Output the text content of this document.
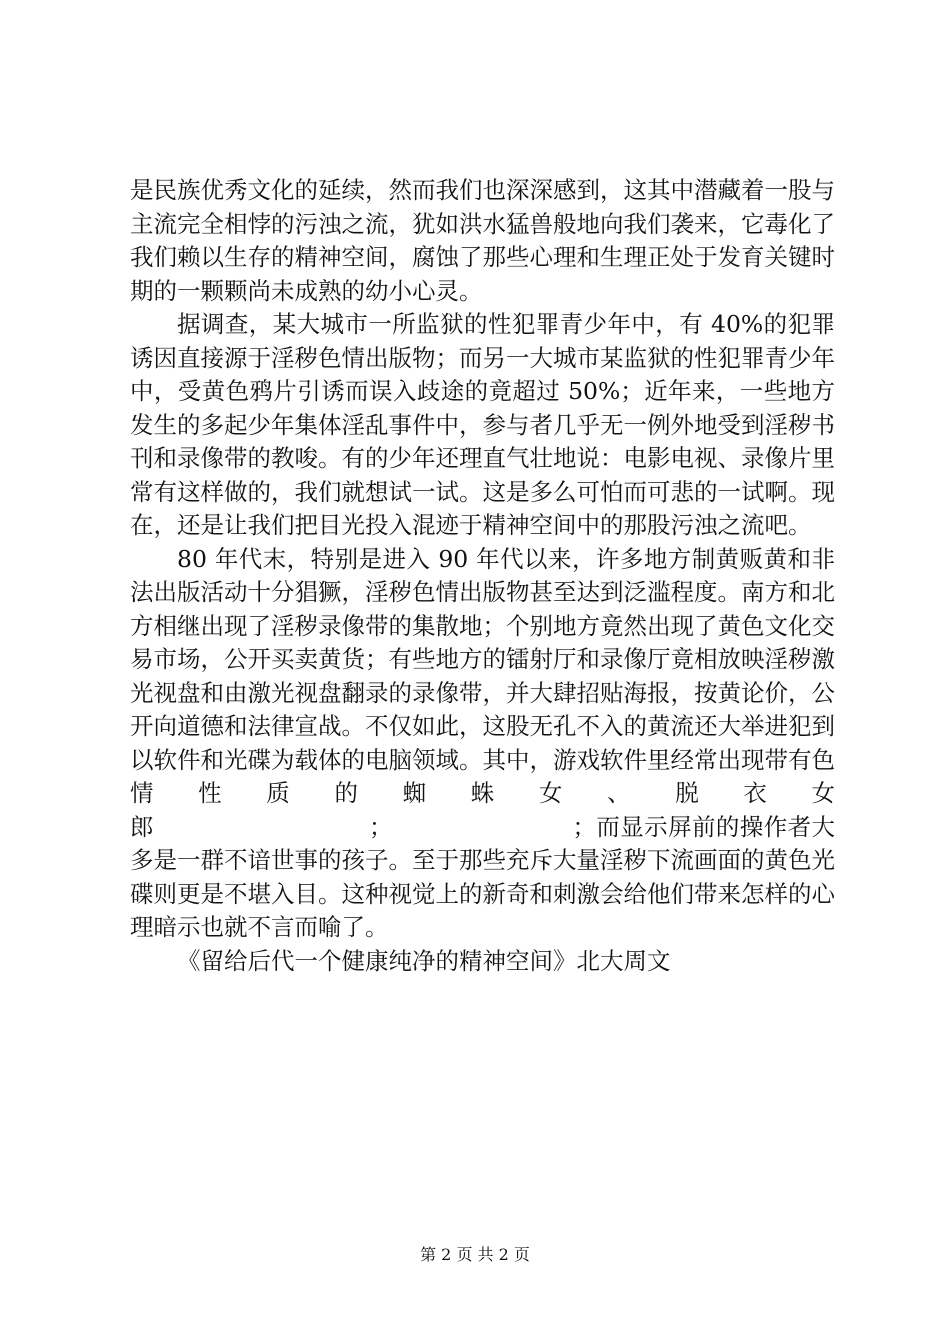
是民族优秀文化的延续，然而我们也深深感到，这其中潜藏着一股与主流完全相悖的污浊之流，犹如洪水猛兽般地向我们袭来，它毒化了我们赖以生存的精神空间，腐蚀了那些心理和生理正处于发育关键时期的一颗颗尚未成熟的幼小心灵。

据调查，某大城市一所监狱的性犯罪青少年中，有 40%的犯罪诱因直接源于淫秽色情出版物；而另一大城市某监狱的性犯罪青少年中，受黄色鸦片引诱而误入歧途的竟超过 50%；近年来，一些地方发生的多起少年集体淫乱事件中，参与者几乎无一例外地受到淫秽书刊和录像带的教唆。有的少年还理直气壮地说：电影电视、录像片里常有这样做的，我们就想试一试。这是多么可怕而可悲的一试啊。现在，还是让我们把目光投入混迹于精神空间中的那股污浊之流吧。

80 年代末，特别是进入 90 年代以来，许多地方制黄贩黄和非法出版活动十分猖獗，淫秽色情出版物甚至达到泛滥程度。南方和北方相继出现了淫秽录像带的集散地；个别地方竟然出现了黄色文化交易市场，公开买卖黄货；有些地方的镭射厅和录像厅竟相放映淫秽激光视盘和由激光视盘翻录的录像带，并大肆招贴海报，按黄论价，公开向道德和法律宣战。不仅如此，这股无孔不入的黄流还大举进犯到以软件和光碟为载体的电脑领域。其中，游戏软件里经常出现带有色情性质的蜘蛛女、脱衣女郎　　　　　　　　　；　　　　　　　　；而显示屏前的操作者大多是一群不谙世事的孩子。至于那些充斥大量淫秽下流画面的黄色光碟则更是不堪入目。这种视觉上的新奇和刺激会给他们带来怎样的心理暗示也就不言而喻了。

《留给后代一个健康纯净的精神空间》北大周文

第 2 页 共 2 页
